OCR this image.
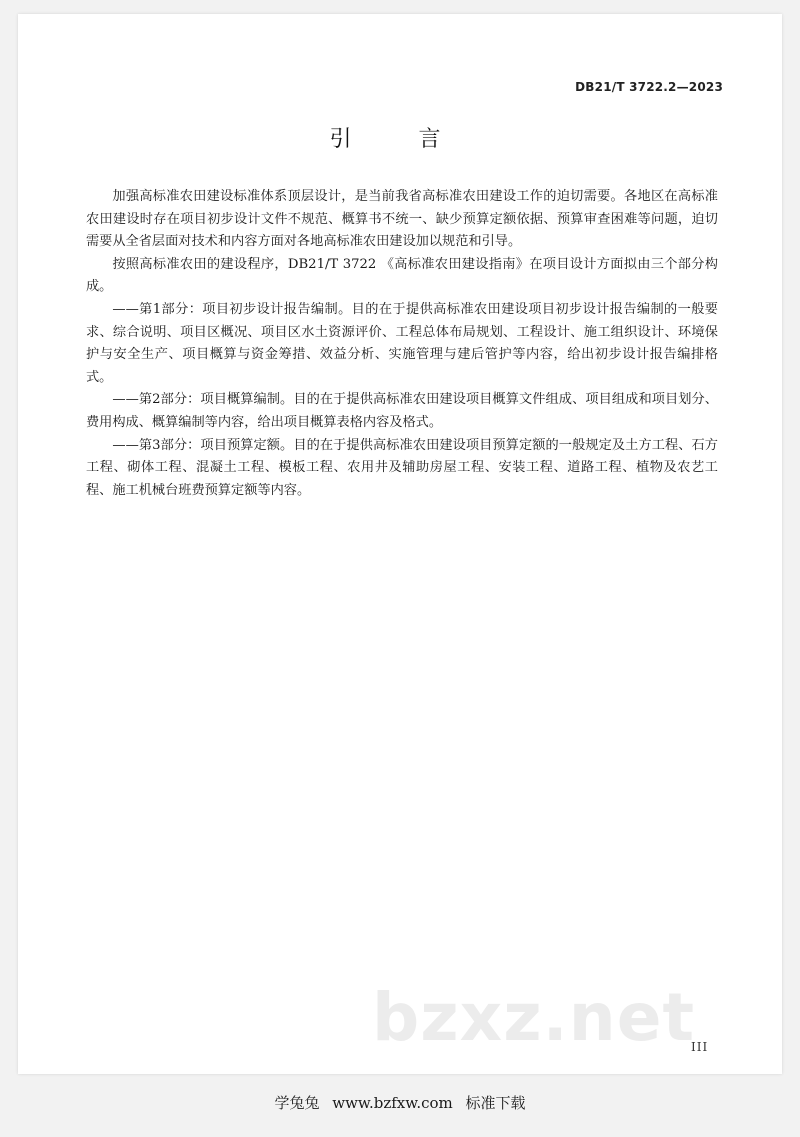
DB21/T 3722.2—2023
引 言

加强高标准农田建设标准体系顶层设计，是当前我省高标准农田建设工作的迫切需要。各地区在高标准农田建设时存在项目初步设计文件不规范、概算书不统一、缺少预算定额依据、预算审查困难等问题，迫切需要从全省层面对技术和内容方面对各地高标准农田建设加以规范和引导。

按照高标准农田的建设程序，DB21/T 3722 《高标准农田建设指南》在项目设计方面拟由三个部分构成。

——第1部分：项目初步设计报告编制。目的在于提供高标准农田建设项目初步设计报告编制的一般要求、综合说明、项目区概况、项目区水土资源评价、工程总体布局规划、工程设计、施工组织设计、环境保护与安全生产、项目概算与资金筹措、效益分析、实施管理与建后管护等内容，给出初步设计报告编排格式。

——第2部分：项目概算编制。目的在于提供高标准农田建设项目概算文件组成、项目组成和项目划分、费用构成、概算编制等内容，给出项目概算表格内容及格式。

——第3部分：项目预算定额。目的在于提供高标准农田建设项目预算定额的一般规定及土方工程、石方工程、砌体工程、混凝土工程、模板工程、农用井及辅助房屋工程、安装工程、道路工程、植物及农艺工程、施工机械台班费预算定额等内容。

bzxz.net
III
学兔兔 www.bzfxw.com 标准下载
